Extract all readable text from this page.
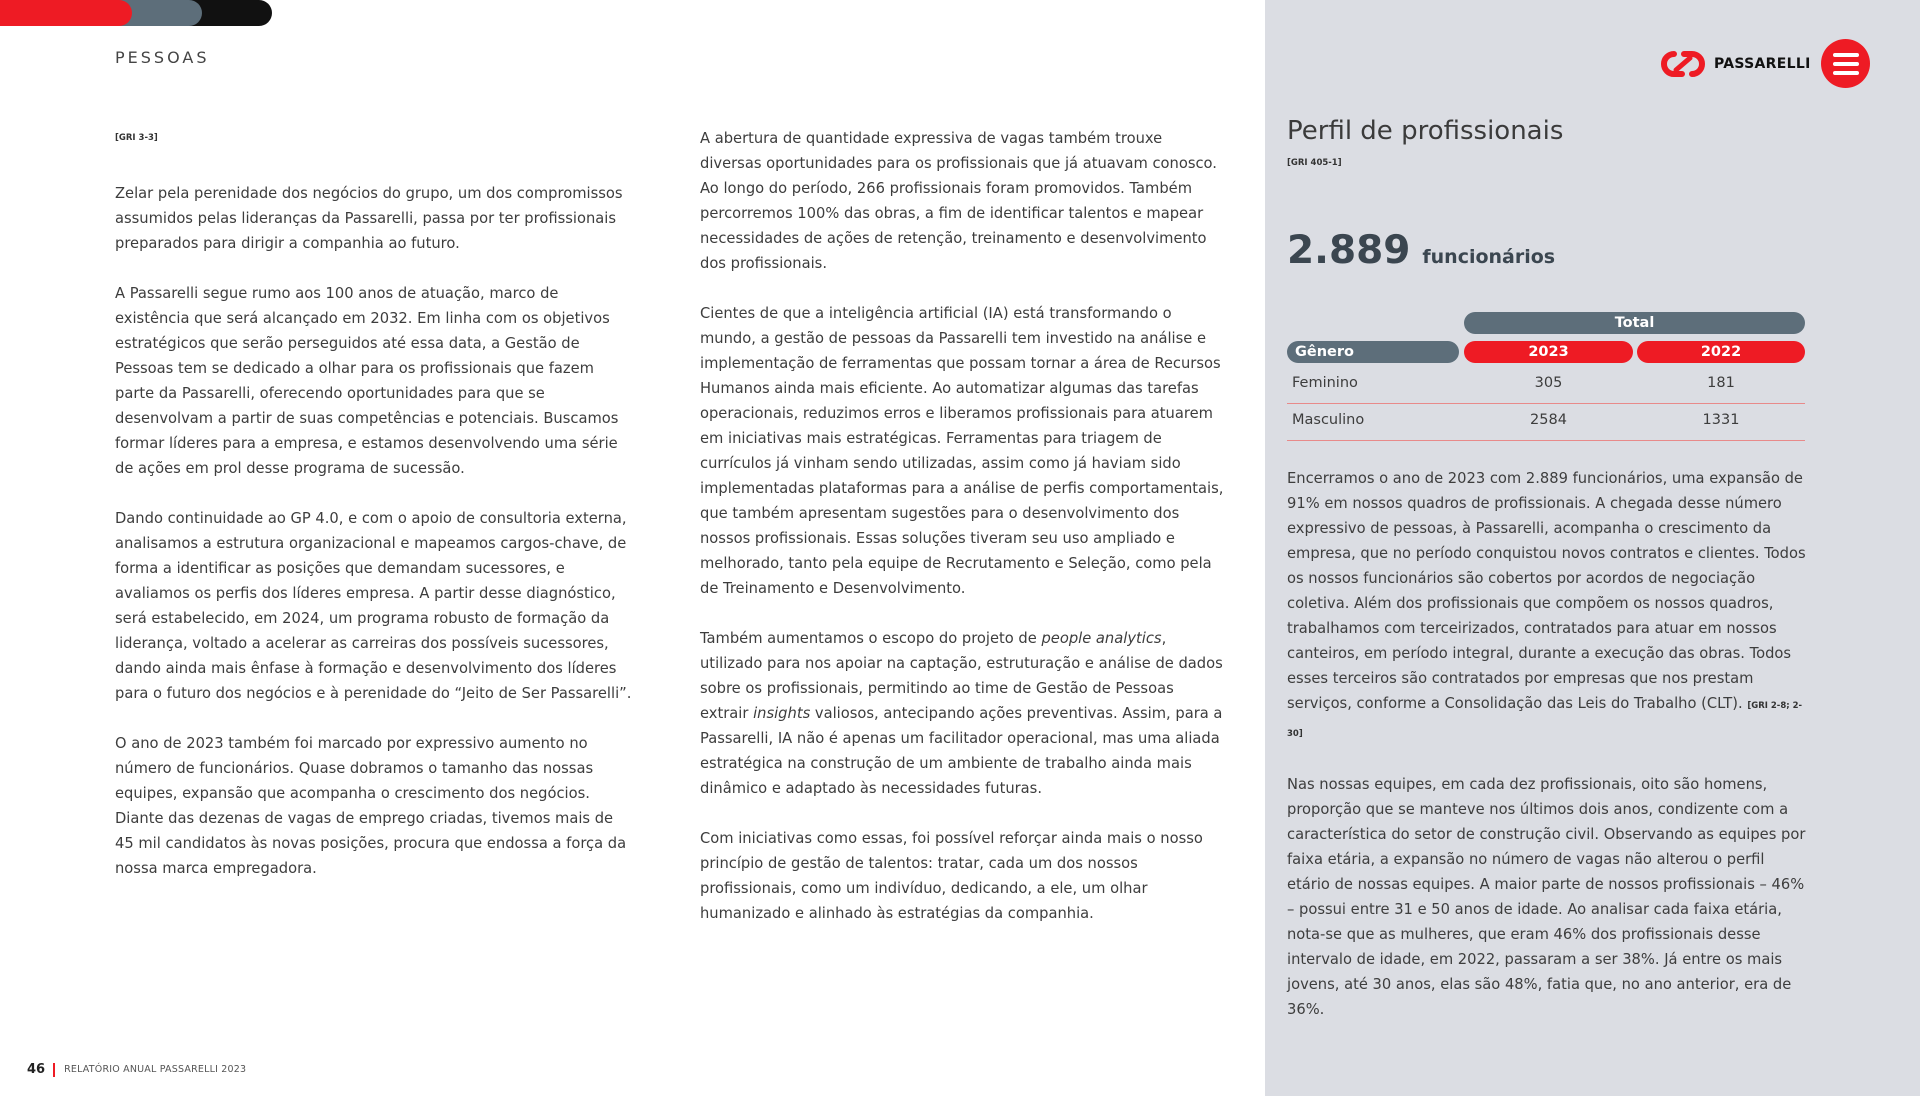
PESSOAS
[GRI 3-3]

Zelar pela perenidade dos negócios do grupo, um dos compromissos assumidos pelas lideranças da Passarelli, passa por ter profissionais preparados para dirigir a companhia ao futuro.

A Passarelli segue rumo aos 100 anos de atuação, marco de existência que será alcançado em 2032. Em linha com os objetivos estratégicos que serão perseguidos até essa data, a Gestão de Pessoas tem se dedicado a olhar para os profissionais que fazem parte da Passarelli, oferecendo oportunidades para que se desenvolvam a partir de suas competências e potenciais. Buscamos formar líderes para a empresa, e estamos desenvolvendo uma série de ações em prol desse programa de sucessão.

Dando continuidade ao GP 4.0, e com o apoio de consultoria externa, analisamos a estrutura organizacional e mapeamos cargos-chave, de forma a identificar as posições que demandam sucessores, e avaliamos os perfis dos líderes empresa. A partir desse diagnóstico, será estabelecido, em 2024, um programa robusto de formação da liderança, voltado a acelerar as carreiras dos possíveis sucessores, dando ainda mais ênfase à formação e desenvolvimento dos líderes para o futuro dos negócios e à perenidade do “Jeito de Ser Passarelli”.

O ano de 2023 também foi marcado por expressivo aumento no número de funcionários. Quase dobramos o tamanho das nossas equipes, expansão que acompanha o crescimento dos negócios. Diante das dezenas de vagas de emprego criadas, tivemos mais de 45 mil candidatos às novas posições, procura que endossa a força da nossa marca empregadora.

A abertura de quantidade expressiva de vagas também trouxe diversas oportunidades para os profissionais que já atuavam conosco. Ao longo do período, 266 profissionais foram promovidos. Também percorremos 100% das obras, a fim de identificar talentos e mapear necessidades de ações de retenção, treinamento e desenvolvimento dos profissionais.

Cientes de que a inteligência artificial (IA) está transformando o mundo, a gestão de pessoas da Passarelli tem investido na análise e implementação de ferramentas que possam tornar a área de Recursos Humanos ainda mais eficiente. Ao automatizar algumas das tarefas operacionais, reduzimos erros e liberamos profissionais para atuarem em iniciativas mais estratégicas. Ferramentas para triagem de currículos já vinham sendo utilizadas, assim como já haviam sido implementadas plataformas para a análise de perfis comportamentais, que também apresentam sugestões para o desenvolvimento dos nossos profissionais. Essas soluções tiveram seu uso ampliado e melhorado, tanto pela equipe de Recrutamento e Seleção, como pela de Treinamento e Desenvolvimento.

Também aumentamos o escopo do projeto de people analytics, utilizado para nos apoiar na captação, estruturação e análise de dados sobre os profissionais, permitindo ao time de Gestão de Pessoas extrair insights valiosos, antecipando ações preventivas. Assim, para a Passarelli, IA não é apenas um facilitador operacional, mas uma aliada estratégica na construção de um ambiente de trabalho ainda mais dinâmico e adaptado às necessidades futuras.

Com iniciativas como essas, foi possível reforçar ainda mais o nosso princípio de gestão de talentos: tratar, cada um dos nossos profissionais, como um indivíduo, dedicando, a ele, um olhar humanizado e alinhado às estratégias da companhia.

PASSARELLI
Perfil de profissionais
[GRI 405-1]
2.889 funcionários
Total
Gênero	2023	2022
Feminino	305	181
Masculino	2584	1331

Encerramos o ano de 2023 com 2.889 funcionários, uma expansão de 91% em nossos quadros de profissionais. A chegada desse número expressivo de pessoas, à Passarelli, acompanha o crescimento da empresa, que no período conquistou novos contratos e clientes. Todos os nossos funcionários são cobertos por acordos de negociação coletiva. Além dos profissionais que compõem os nossos quadros, trabalhamos com terceirizados, contratados para atuar em nossos canteiros, em período integral, durante a execução das obras. Todos esses terceiros são contratados por empresas que nos prestam serviços, conforme a Consolidação das Leis do Trabalho (CLT). [GRI 2-8; 2-30]

Nas nossas equipes, em cada dez profissionais, oito são homens, proporção que se manteve nos últimos dois anos, condizente com a característica do setor de construção civil. Observando as equipes por faixa etária, a expansão no número de vagas não alterou o perfil etário de nossas equipes. A maior parte de nossos profissionais – 46% – possui entre 31 e 50 anos de idade. Ao analisar cada faixa etária, nota-se que as mulheres, que eram 46% dos profissionais desse intervalo de idade, em 2022, passaram a ser 38%. Já entre os mais jovens, até 30 anos, elas são 48%, fatia que, no ano anterior, era de 36%.

46 RELATÓRIO ANUAL PASSARELLI 2023
